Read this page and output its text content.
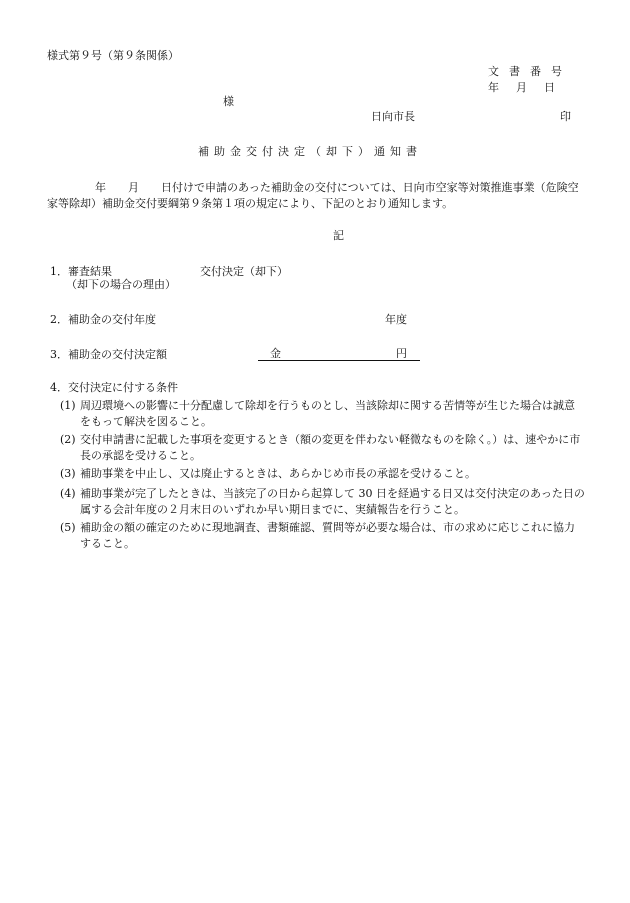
様式第９号（第９条関係）
文書番号
年月日
様
日向市長	印
補助金交付決定（却下）通知書
年　　月　　日付けで申請のあった補助金の交付については、日向市空家等対策推進事業（危険空家等除却）補助金交付要綱第９条第１項の規定により、下記のとおり通知します。
記
1．審査結果	交付決定（却下）
（却下の場合の理由）
2．補助金の交付年度	年度
3．補助金の交付決定額	金	円
4．交付決定に付する条件
(1) 周辺環境への影響に十分配慮して除却を行うものとし、当該除却に関する苦情等が生じた場合は誠意をもって解決を図ること。
(2) 交付申請書に記載した事項を変更するとき（額の変更を伴わない軽微なものを除く。）は、速やかに市長の承認を受けること。
(3) 補助事業を中止し、又は廃止するときは、あらかじめ市長の承認を受けること。
(4) 補助事業が完了したときは、当該完了の日から起算して 30 日を経過する日又は交付決定のあった日の属する会計年度の２月末日のいずれか早い期日までに、実績報告を行うこと。
(5) 補助金の額の確定のために現地調査、書類確認、質問等が必要な場合は、市の求めに応じこれに協力すること。
